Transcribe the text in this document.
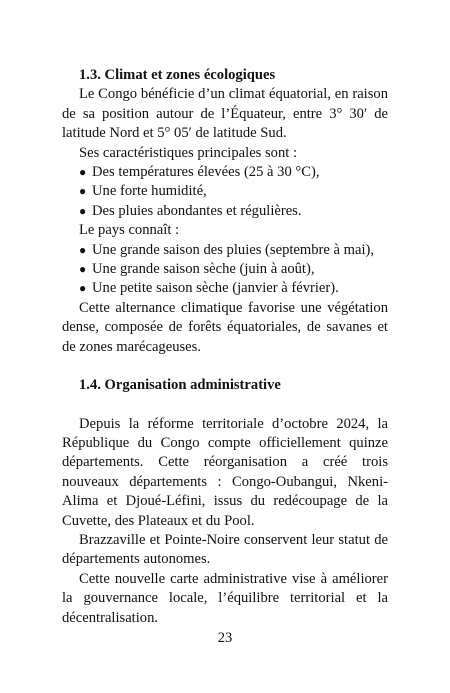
1.3. Climat et zones écologiques

Le Congo bénéficie d’un climat équatorial, en raison de sa position autour de l’Équateur, entre 3° 30′ de latitude Nord et 5° 05′ de latitude Sud.

Ses caractéristiques principales sont :

● Des températures élevées (25 à 30 °C),
● Une forte humidité,
● Des pluies abondantes et régulières.

Le pays connaît :

● Une grande saison des pluies (septembre à mai),
● Une grande saison sèche (juin à août),
● Une petite saison sèche (janvier à février).

Cette alternance climatique favorise une végétation dense, composée de forêts équatoriales, de savanes et de zones marécageuses.

1.4. Organisation administrative

Depuis la réforme territoriale d’octobre 2024, la République du Congo compte officiellement quinze départements. Cette réorganisation a créé trois nouveaux départements : Congo-Oubangui, Nkeni-Alima et Djoué-Léfini, issus du redécoupage de la Cuvette, des Plateaux et du Pool.

Brazzaville et Pointe-Noire conservent leur statut de départements autonomes.

Cette nouvelle carte administrative vise à améliorer la gouvernance locale, l’équilibre territorial et la décentralisation.

23
